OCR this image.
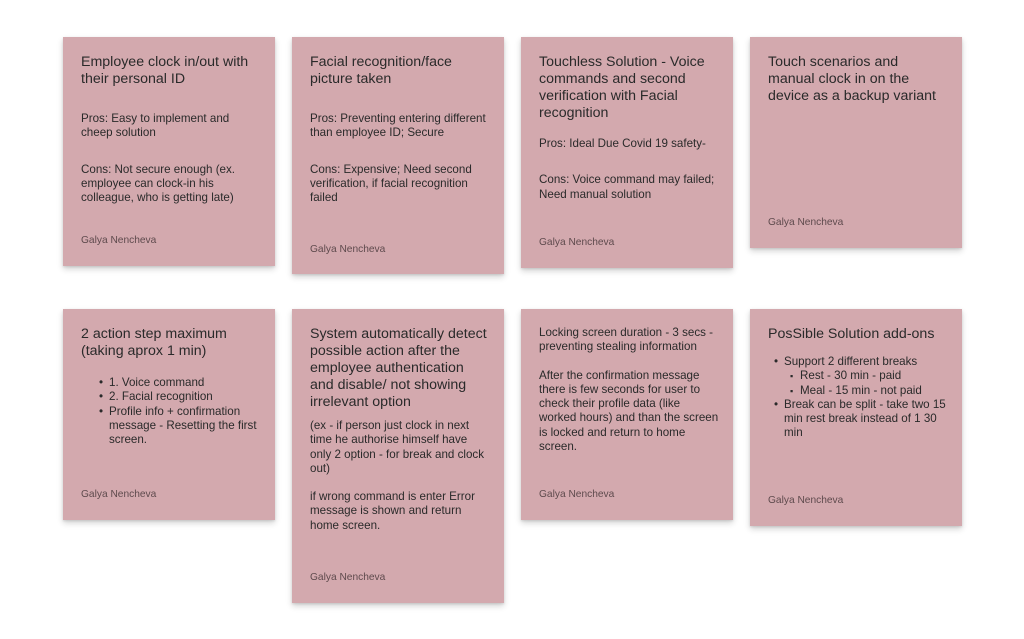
Employee clock in/out with their personal ID

Pros: Easy to implement and cheep solution

Cons: Not secure enough (ex. employee can clock-in his colleague, who is getting late)

Galya Nencheva

Facial recognition/face picture taken

Pros: Preventing entering different than employee ID; Secure

Cons: Expensive; Need second verification, if facial recognition failed

Galya Nencheva

Touchless Solution - Voice commands and second verification with Facial recognition

Pros: Ideal Due Covid 19 safety-

Cons: Voice command may failed; Need manual solution

Galya Nencheva

Touch scenarios and manual clock in on the device as a backup variant

Galya Nencheva

2 action step maximum (taking aprox 1 min)

• 1. Voice command
• 2. Facial recognition
• Profile info + confirmation message - Resetting the first screen.
Galya Nencheva

System automatically detect possible action after the employee authentication and disable/ not showing irrelevant option

(ex - if person just clock in next time he authorise himself have only 2 option - for break and clock out)

if wrong command is enter Error message is shown and return home screen.

Galya Nencheva

Locking screen duration - 3 secs - preventing stealing information

After the confirmation message there is few seconds for user to check their profile data (like worked hours) and than the screen is locked and return to home screen.

Galya Nencheva

PosSible Solution add-ons

• Support 2 different breaks
▪ Rest - 30 min - paid
▪ Meal - 15 min - not paid
• Break can be split - take two 15 min rest break instead of 1 30 min
Galya Nencheva
